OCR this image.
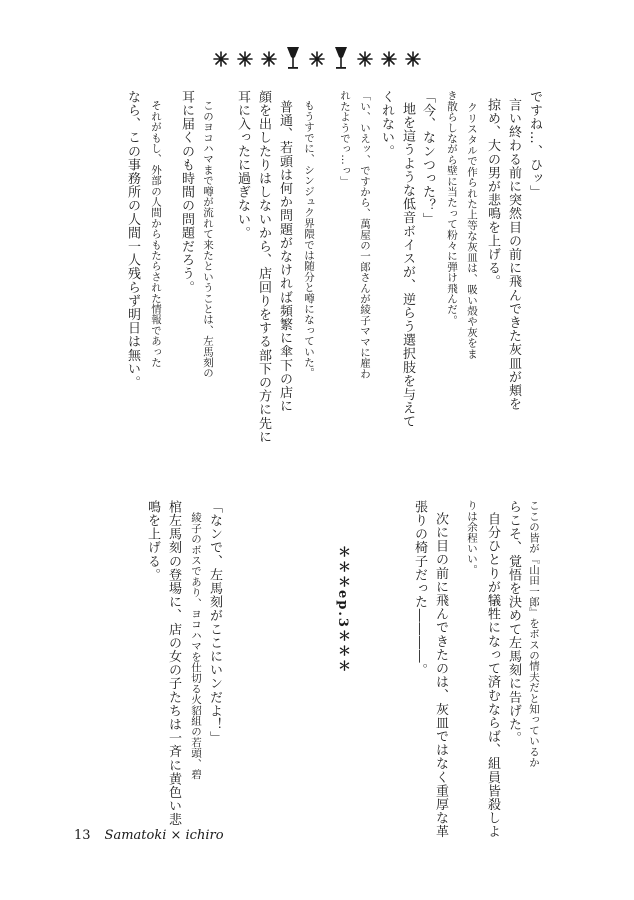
ですね…、ひッ」
言い終わる前に突然目の前に飛んできた灰皿が頬を
掠め、大の男が悲鳴を上げる。
クリスタルで作られた上等な灰皿は、吸い殻や灰をま
き散らしながら壁に当たって粉々に弾け飛んだ。
「今、なンつった？」
地を這うような低音ボイスが、逆らう選択肢を与えて
くれない。
「い、いえッ、ですから、萬屋の一郎さんが綾子ママに雇わ
れたようでっ…っ」
もうすでに、シンジュク界隈では随分と噂になっていた。
普通、若頭は何か問題がなければ頻繁に傘下の店に
顔を出したりはしないから、店回りをする部下の方に先に
耳に入ったに過ぎない。
このヨコハマまで噂が流れて来たということは、左馬刻の
耳に届くのも時間の問題だろう。
それがもし、外部の人間からもたらされた情報であった
なら、この事務所の人間一人残らず明日は無い。
ここの皆が『山田一郎』をボスの情夫だと知っているか
らこそ、覚悟を決めて左馬刻に告げた。
自分ひとりが犠牲になって済むならば、組員皆殺しよ
りは余程いい。
次に目の前に飛んできたのは、灰皿ではなく重厚な革
張りの椅子だった――――。
＊＊＊ep.3＊＊＊
「なンで、左馬刻がここにいンだよ！」
綾子のボスであり、ヨコハマを仕切る火貂組の若頭、碧
棺左馬刻の登場に、店の女の子たちは一斉に黄色い悲
鳴を上げる。
13 Samatoki × ichiro
